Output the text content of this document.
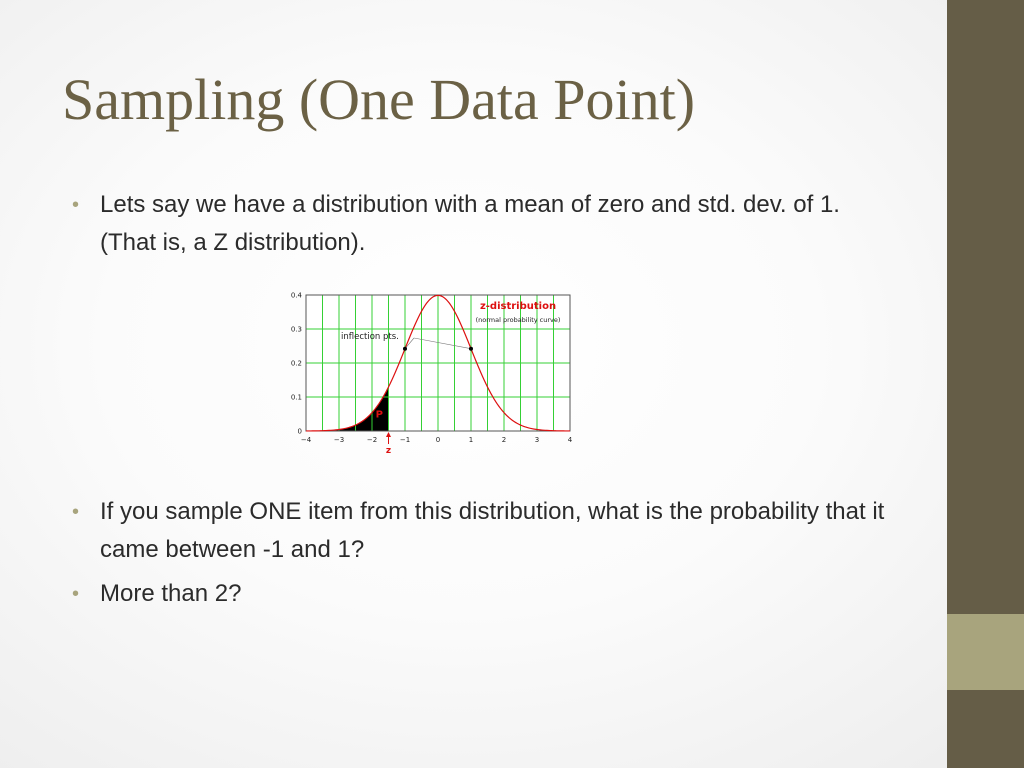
Sampling (One Data Point)
• Lets say we have a distribution with a mean of zero and std. dev. of 1. (That is, a Z distribution).
−4	−3	−2	−1	0	1	2	3	4
0
0.1
0.2
0.3
0.4
inflection pts.
z-distribution
(normal probability curve)
P
z
• If you sample ONE item from this distribution, what is the probability that it came between -1 and 1?
• More than 2?
